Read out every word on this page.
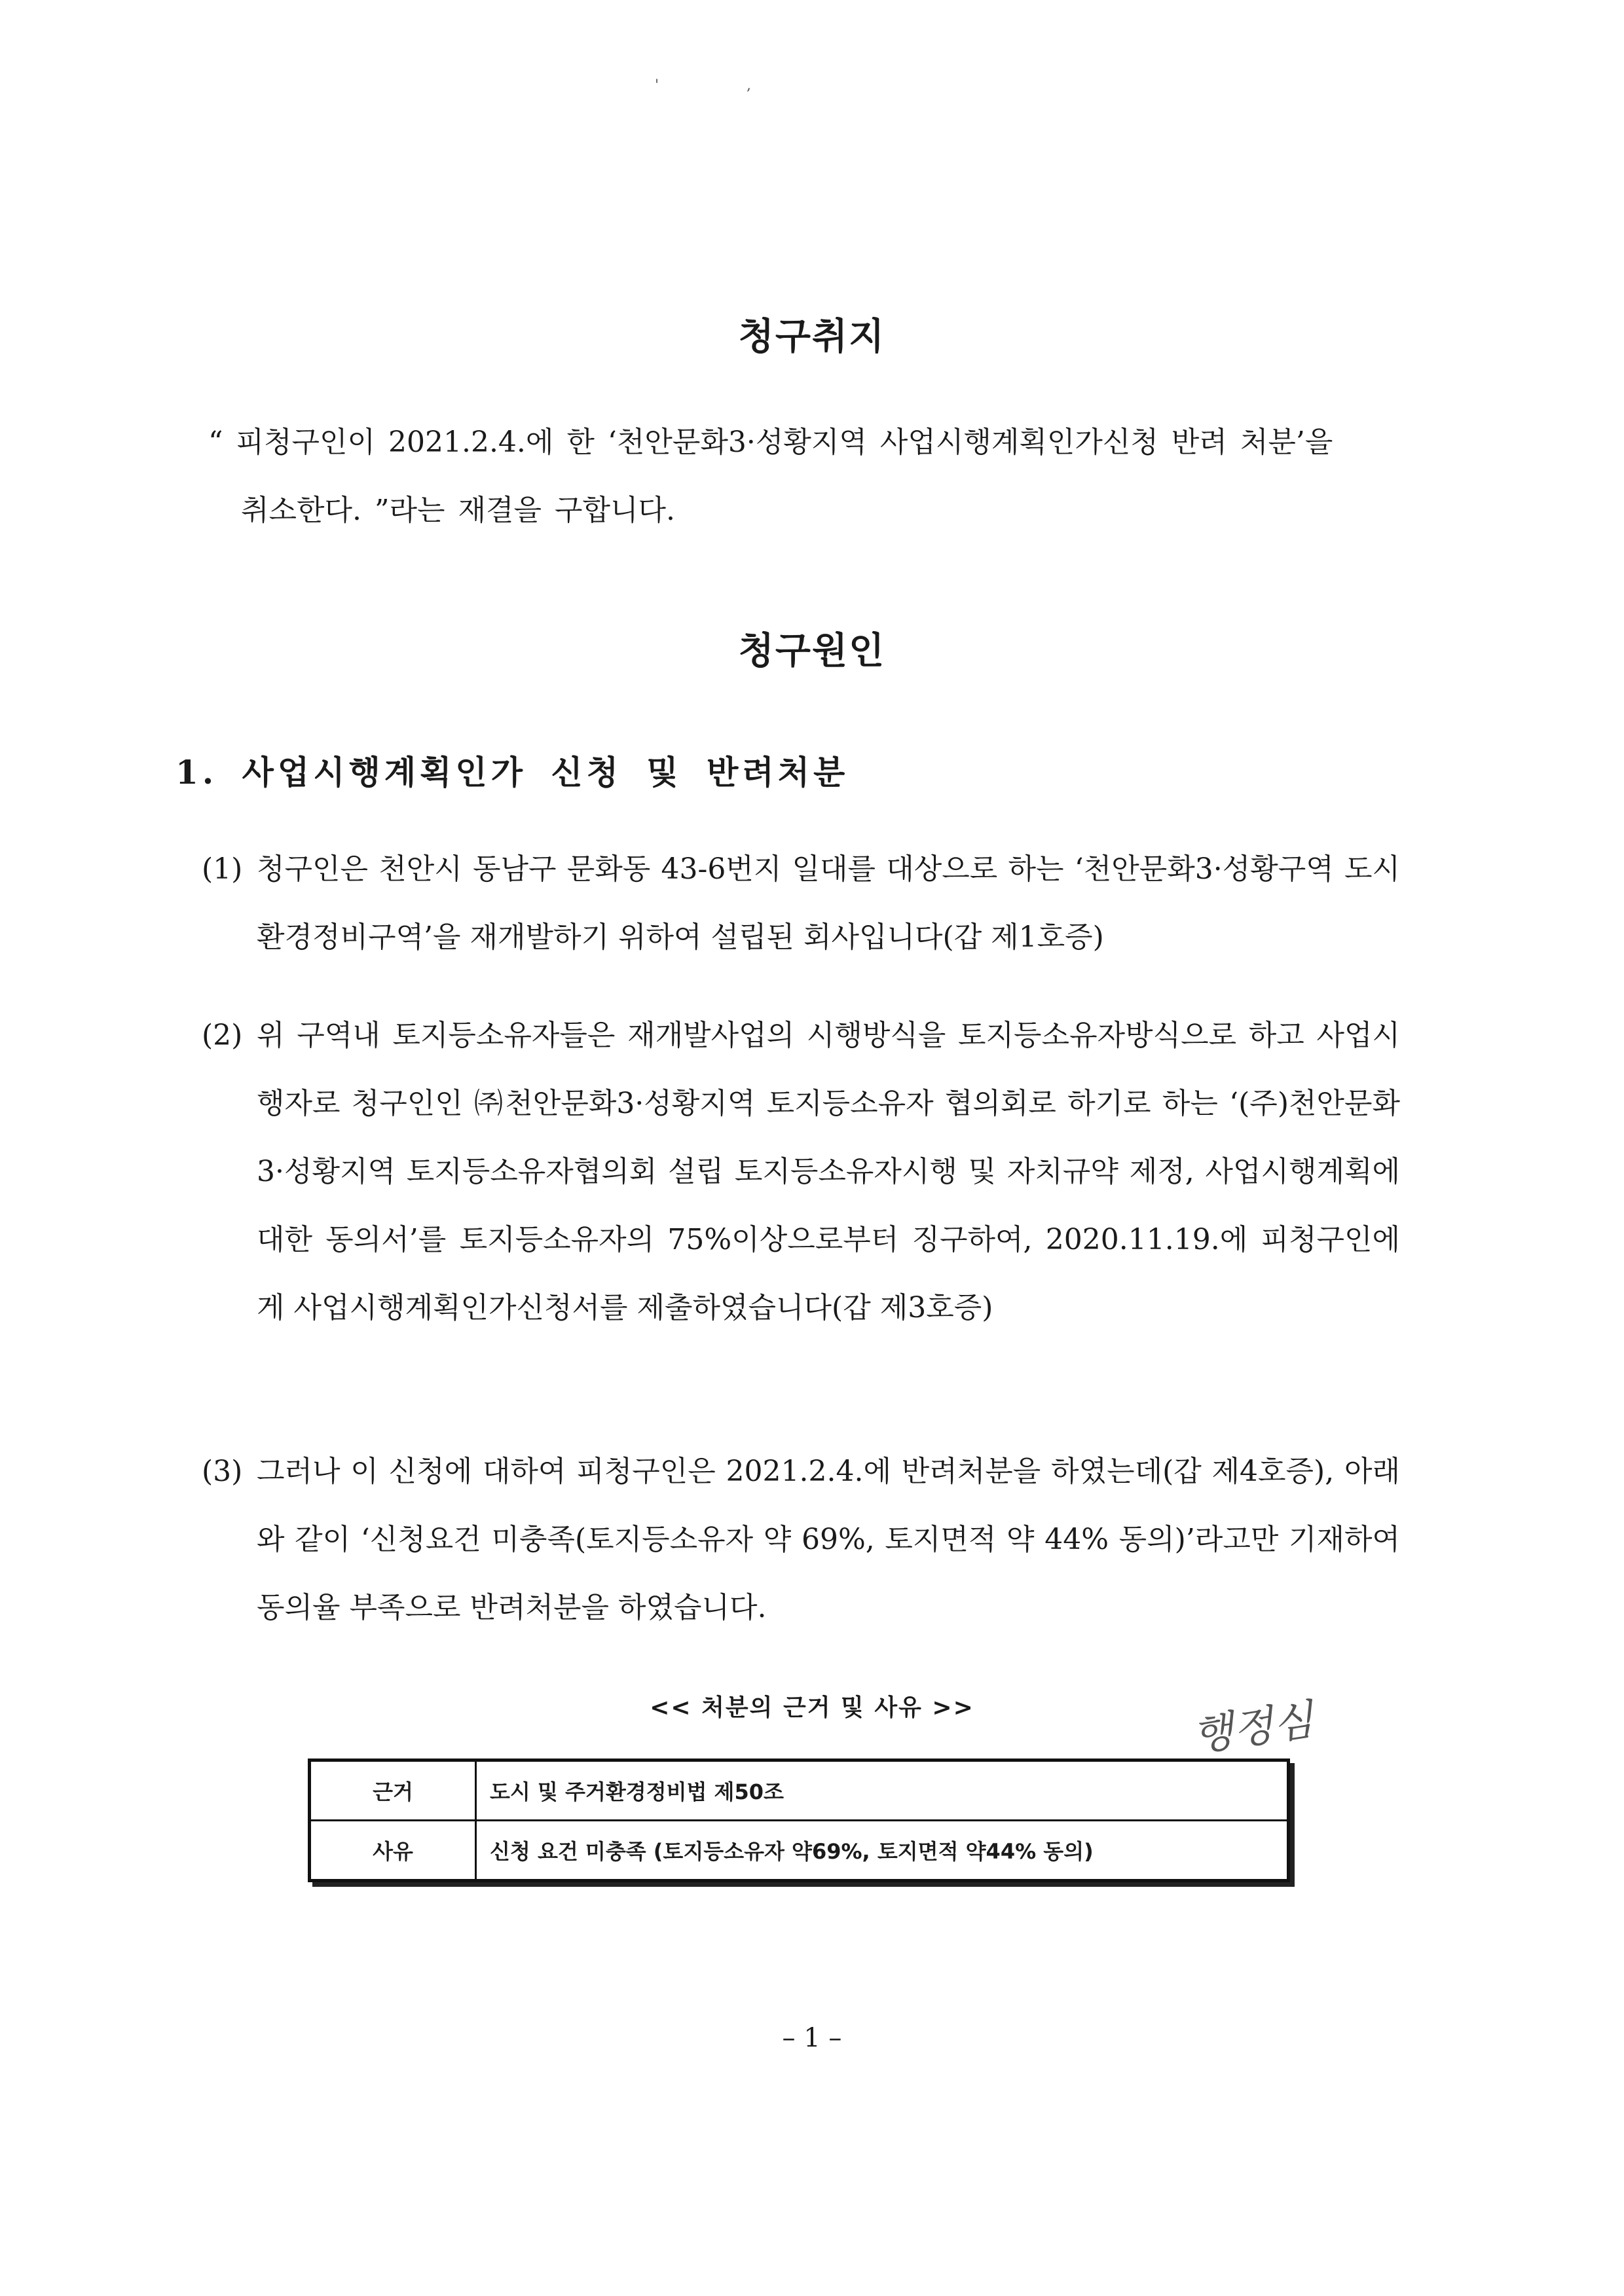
'	,
청구취지
“ 피청구인이 2021.2.4.에 한 ‘천안문화3·성황지역 사업시행계획인가신청 반려 처분’을
취소한다. ”라는 재결을 구합니다.
청구원인
1. 사업시행계획인가 신청 및 반려처분
(1) 청구인은 천안시 동남구 문화동 43-6번지 일대를 대상으로 하는 ‘천안문화3·성황구역 도시환경정비구역’을 재개발하기 위하여 설립된 회사입니다(갑 제1호증)
(2) 위 구역내 토지등소유자들은 재개발사업의 시행방식을 토지등소유자방식으로 하고 사업시행자로 청구인인 ㈜천안문화3·성황지역 토지등소유자 협의회로 하기로 하는 ‘(주)천안문화3·성황지역 토지등소유자협의회 설립 토지등소유자시행 및 자치규약 제정, 사업시행계획에 대한 동의서’를 토지등소유자의 75%이상으로부터 징구하여, 2020.11.19.에 피청구인에게 사업시행계획인가신청서를 제출하였습니다(갑 제3호증)
(3) 그러나 이 신청에 대하여 피청구인은 2021.2.4.에 반려처분을 하였는데(갑 제4호증), 아래와 같이 ‘신청요건 미충족(토지등소유자 약 69%, 토지면적 약 44% 동의)’라고만 기재하여 동의율 부족으로 반려처분을 하였습니다.
<< 처분의 근거 및 사유 >>	행정심
근거	도시 및 주거환경정비법 제50조
사유	신청 요건 미충족 (토지등소유자 약69%, 토지면적 약44% 동의)
– 1 –
